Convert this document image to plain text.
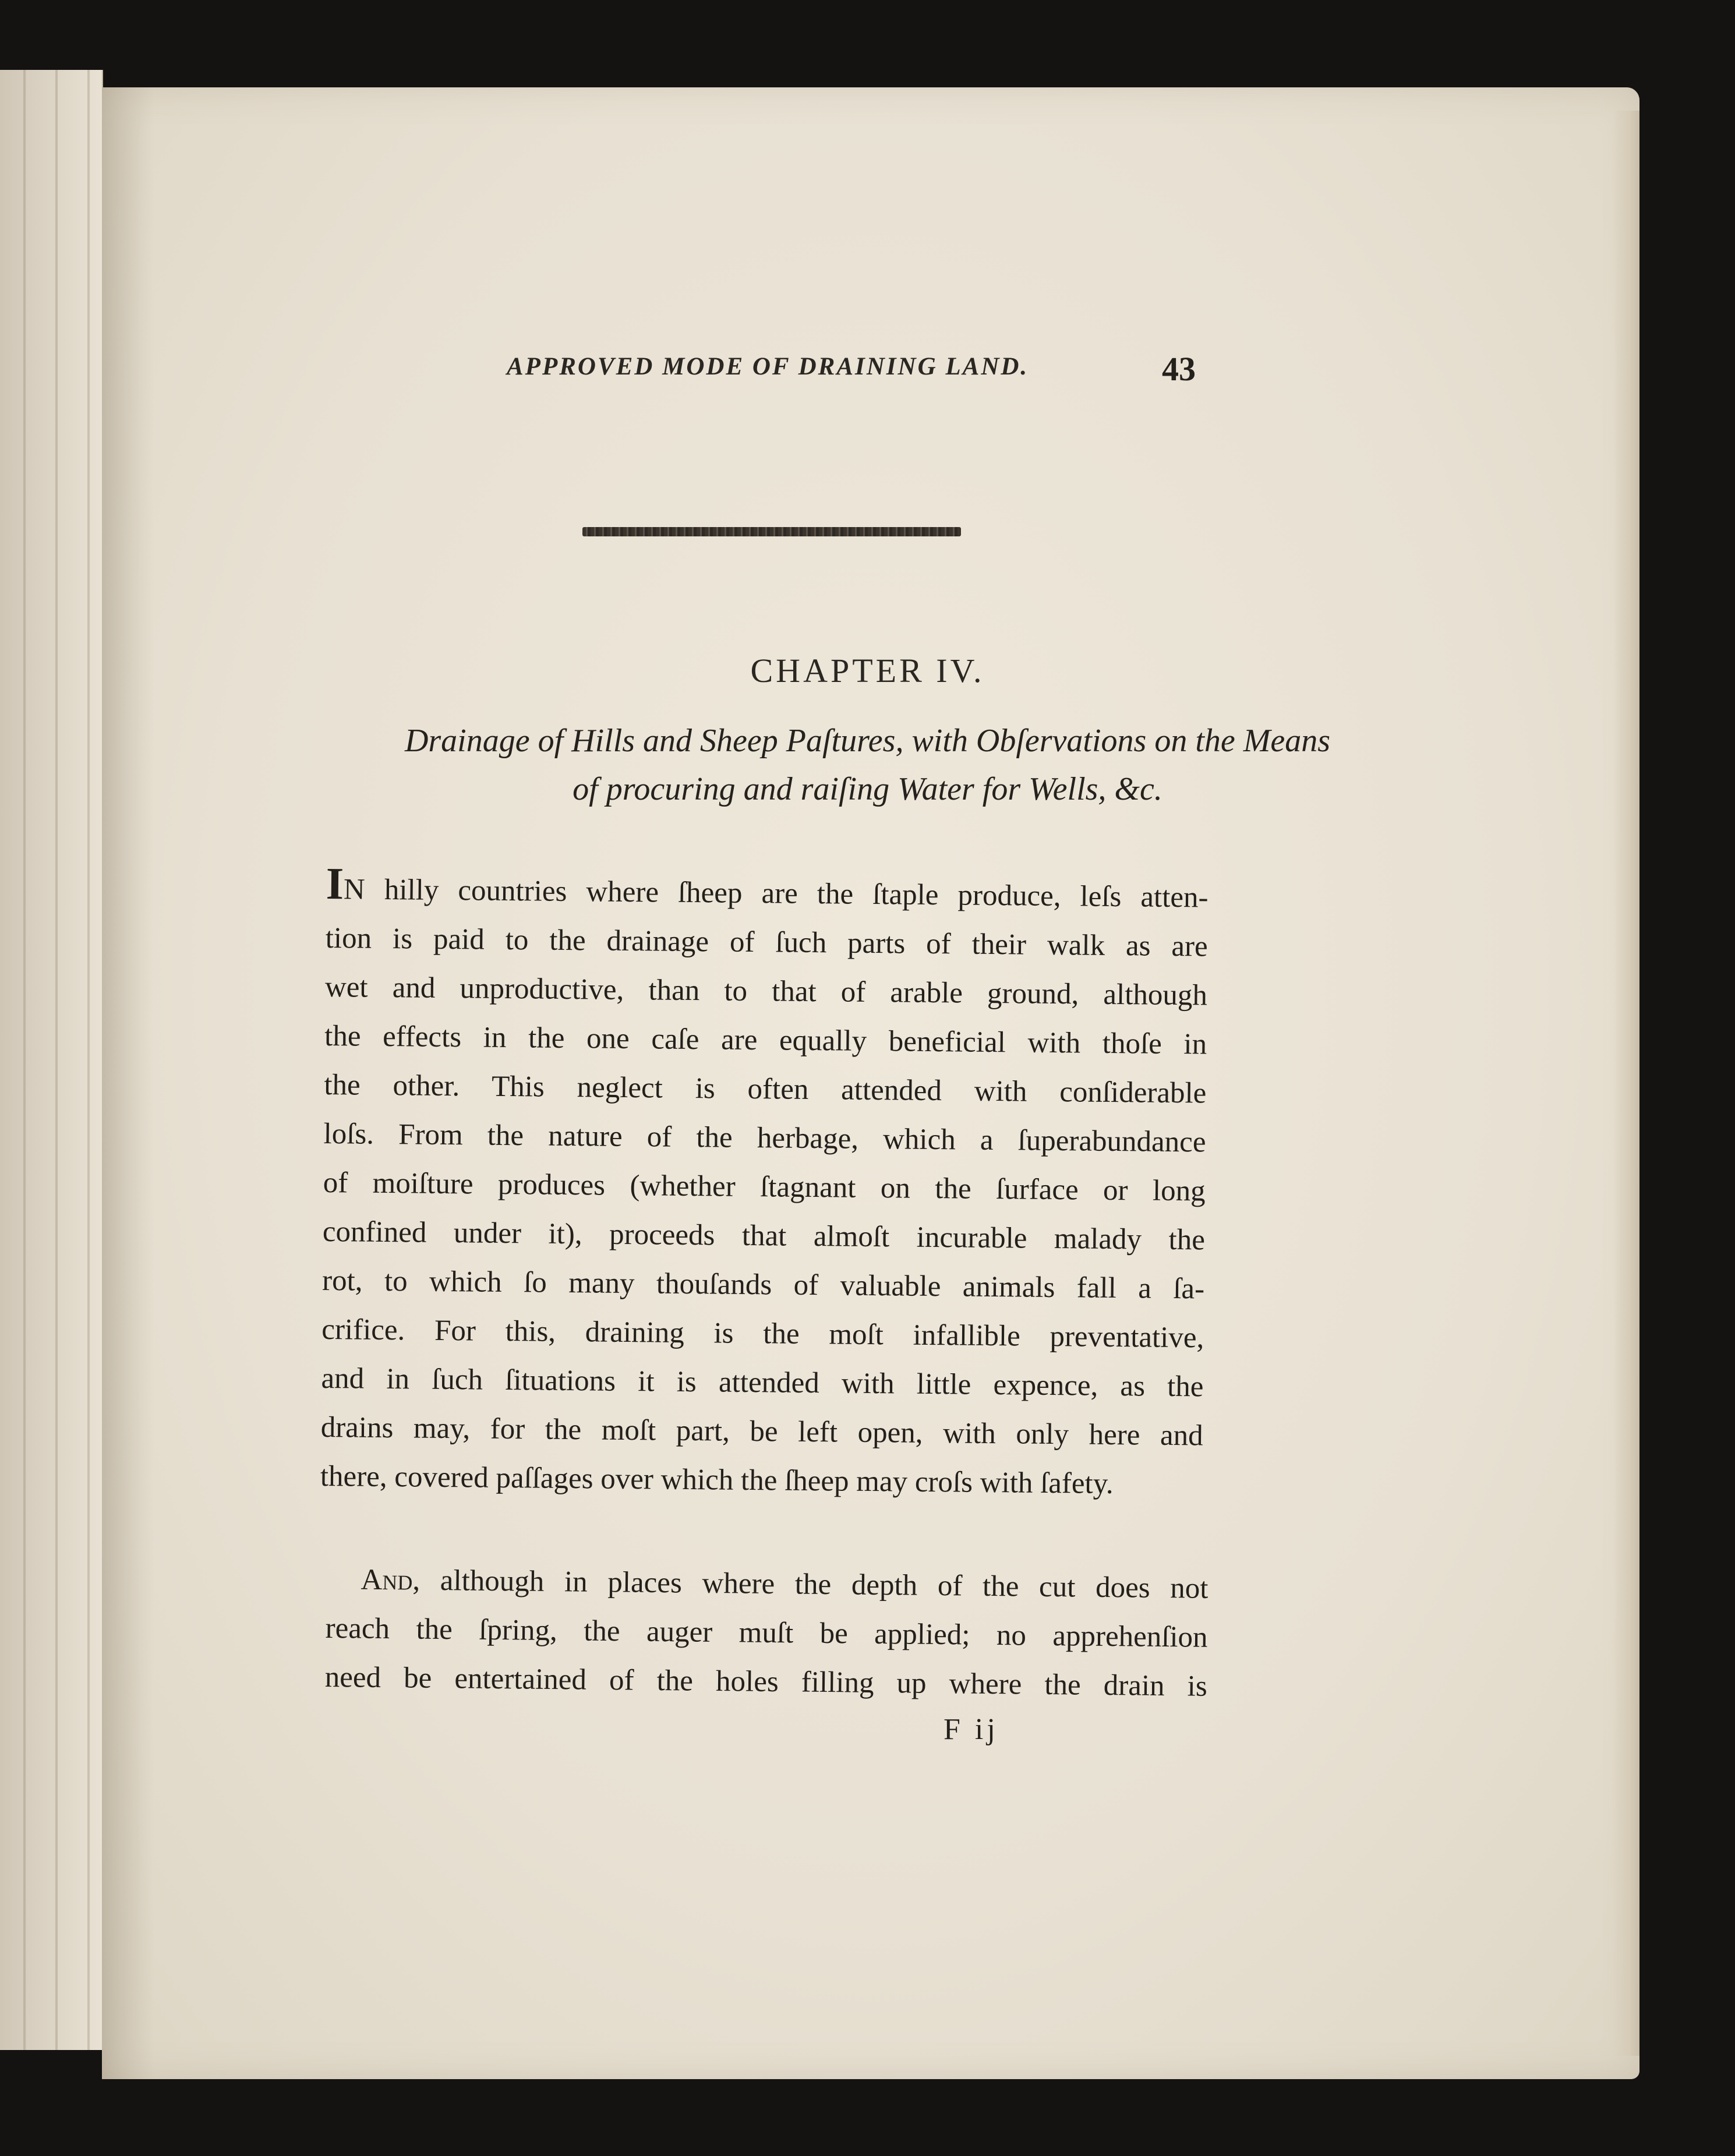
APPROVED MODE OF DRAINING LAND.	43
CHAPTER IV.
Drainage of Hills and Sheep Paſtures, with Obſervations on the Means
of procuring and raiſing Water for Wells, &c.
IN hilly countries where ſheep are the ſtaple produce, leſs atten-
tion is paid to the drainage of ſuch parts of their walk as are
wet and unproductive, than to that of arable ground, although
the effects in the one caſe are equally beneficial with thoſe in
the other. This neglect is often attended with conſiderable
loſs. From the nature of the herbage, which a ſuperabundance
of moiſture produces (whether ſtagnant on the ſurface or long
confined under it), proceeds that almoſt incurable malady the
rot, to which ſo many thouſands of valuable animals fall a ſa-
crifice. For this, draining is the moſt infallible preventative,
and in ſuch ſituations it is attended with little expence, as the
drains may, for the moſt part, be left open, with only here and
there, covered paſſages over which the ſheep may croſs with ſafety.
And, although in places where the depth of the cut does not
reach the ſpring, the auger muſt be applied; no apprehenſion
need be entertained of the holes filling up where the drain is
F ij
